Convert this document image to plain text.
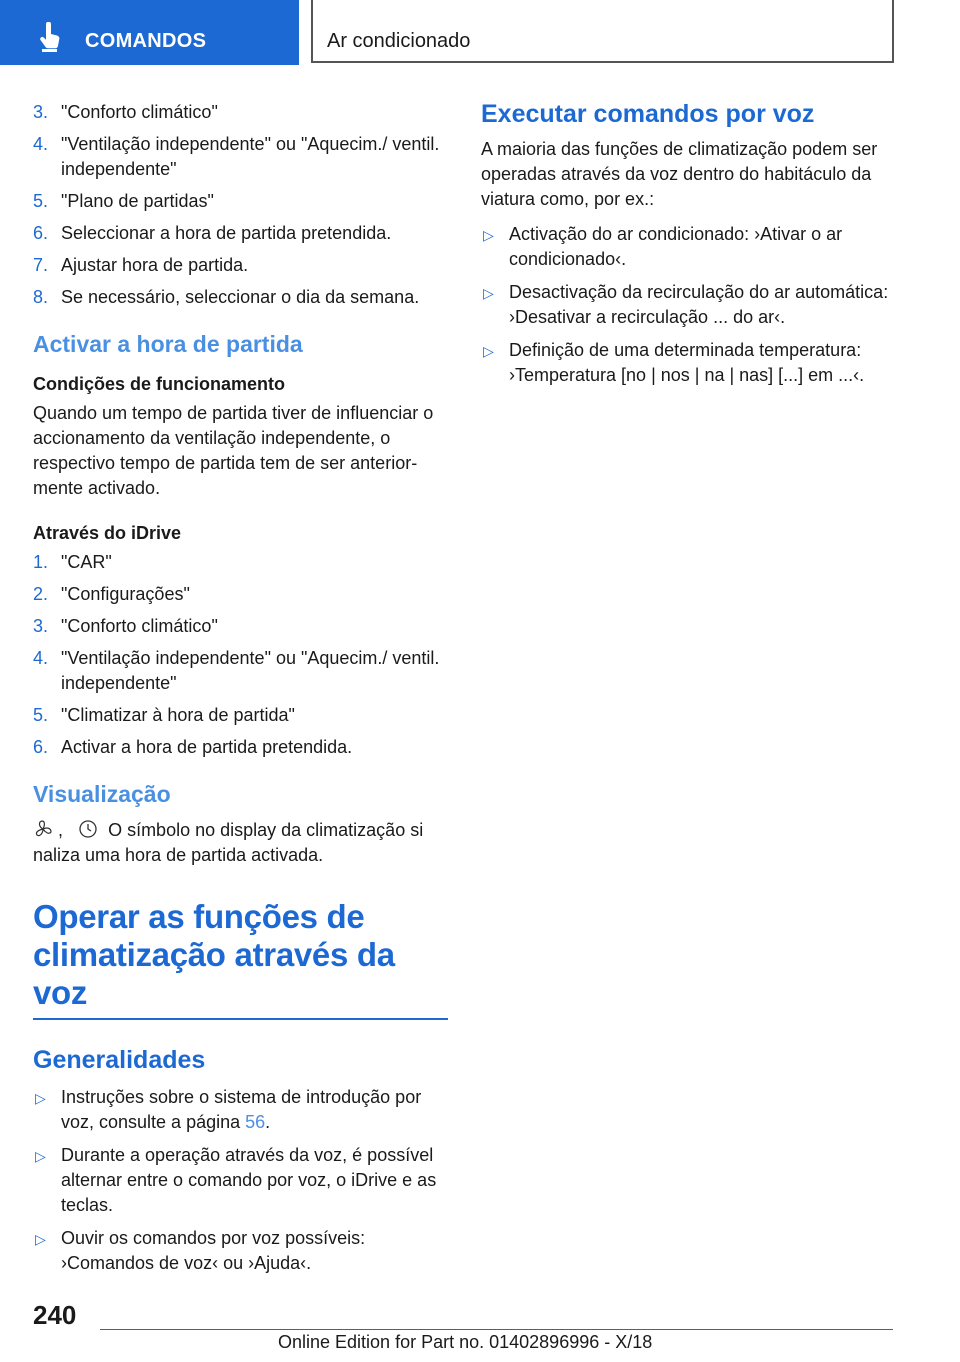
COMANDOS	Ar condicionado
3. "Conforto climático"
4. "Ventilação independente" ou "Aquecim./ ventil. independente"
5. "Plano de partidas"
6. Seleccionar a hora de partida pretendida.
7. Ajustar hora de partida.
8. Se necessário, seleccionar o dia da semana.
Activar a hora de partida
Condições de funcionamento

Quando um tempo de partida tiver de influenciar o accionamento da ventilação independente, o respectivo tempo de partida tem de ser anteriormente activado.

Através do iDrive
1. "CAR"
2. "Configurações"
3. "Conforto climático"
4. "Ventilação independente" ou "Aquecim./ ventil. independente"
5. "Climatizar à hora de partida"
6. Activar a hora de partida pretendida.
Visualização

,	O símbolo no display da climatização si
naliza uma hora de partida activada.

Operar as funções de climatização através da voz
Generalidades
▷ Instruções sobre o sistema de introdução por voz, consulte a página 56.
▷ Durante a operação através da voz, é possível alternar entre o comando por voz, o iDrive e as teclas.
▷ Ouvir os comandos por voz possíveis: ›Comandos de voz‹ ou ›Ajuda‹.
Executar comandos por voz

A maioria das funções de climatização podem ser operadas através da voz dentro do habitáculo da viatura como, por ex.:

▷ Activação do ar condicionado: ›Ativar o ar condicionado‹.
▷ Desactivação da recirculação do ar automática: ›Desativar a recirculação ... do ar‹.
▷ Definição de uma determinada temperatura: ›Temperatura [no | nos | na | nas] [...] em ...‹.
240
Online Edition for Part no. 01402896996 - X/18
